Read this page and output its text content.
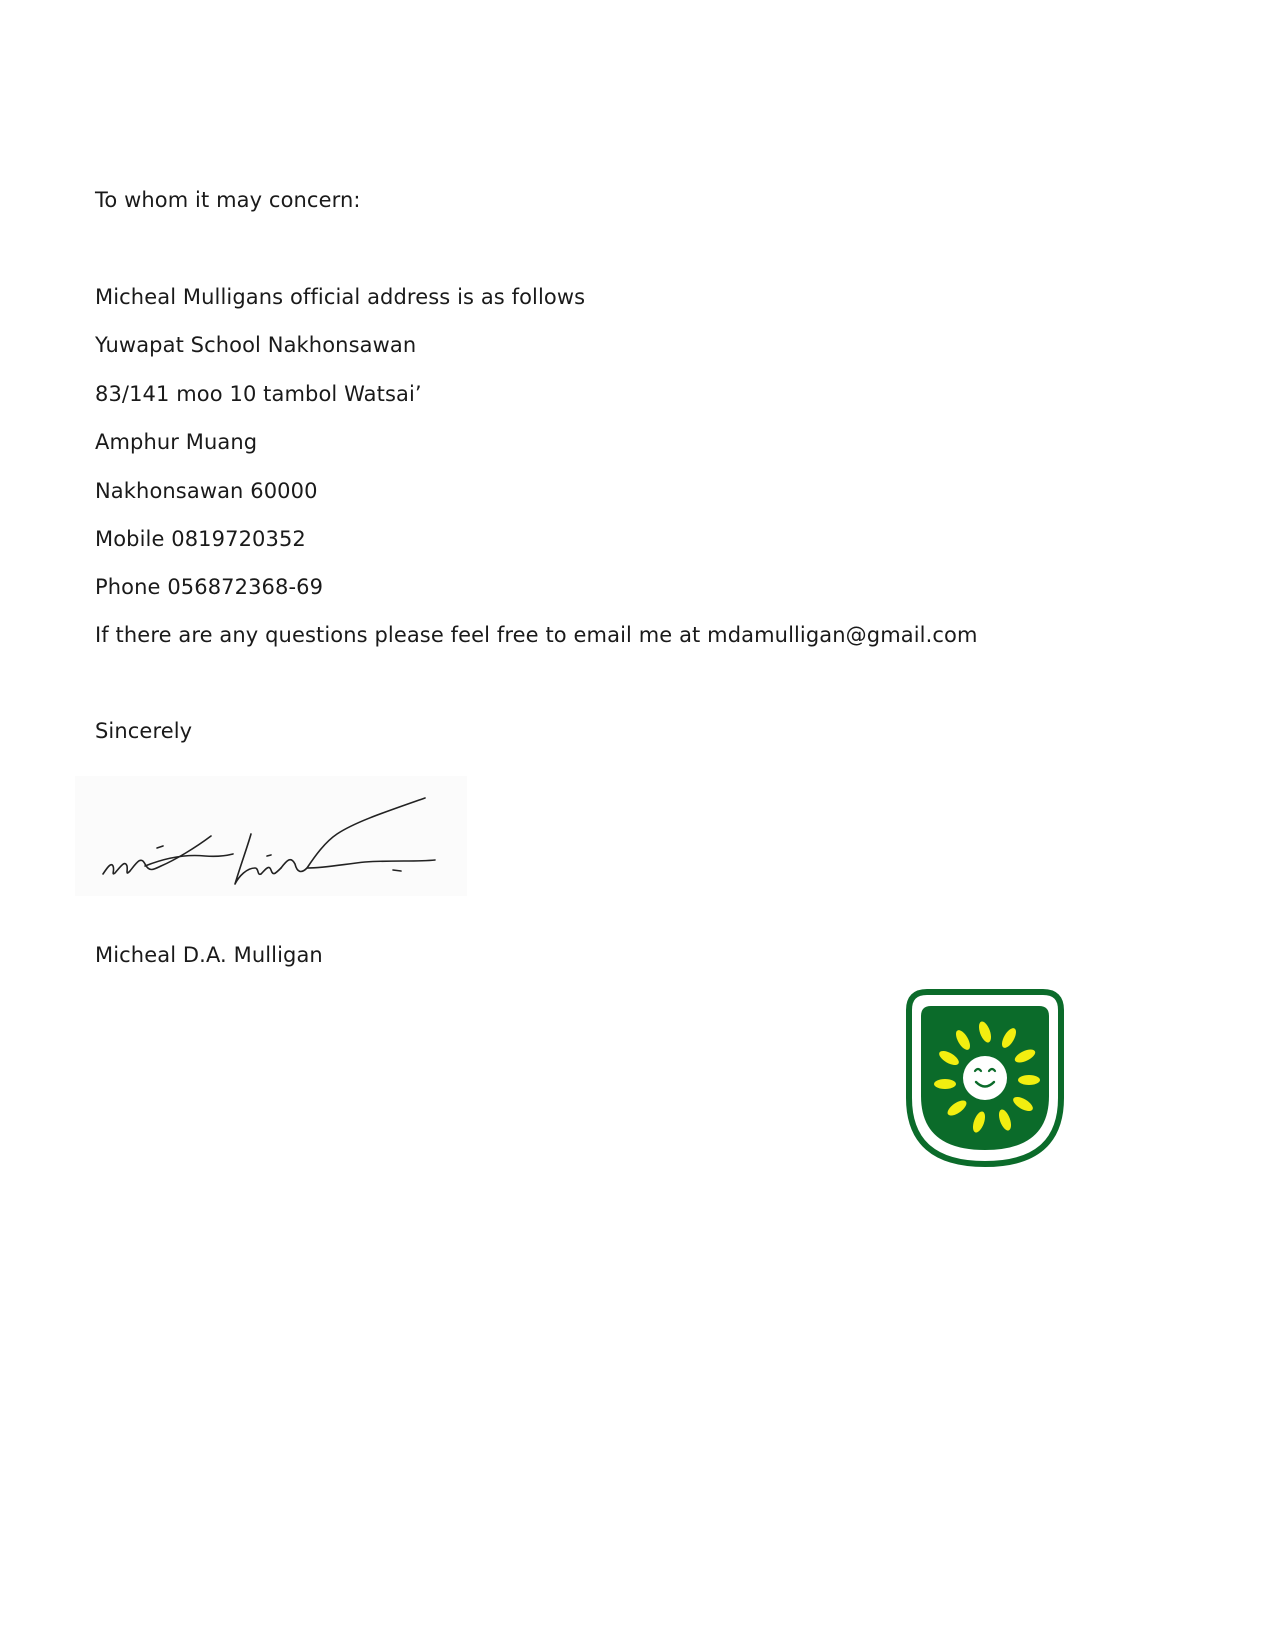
To whom it may concern:
Micheal Mulligans official address is as follows
Yuwapat School Nakhonsawan
83/141 moo 10 tambol Watsai’
Amphur Muang
Nakhonsawan 60000
Mobile 0819720352
Phone 056872368-69
If there are any questions please feel free to email me at mdamulligan@gmail.com
Sincerely
Micheal D.A. Mulligan
